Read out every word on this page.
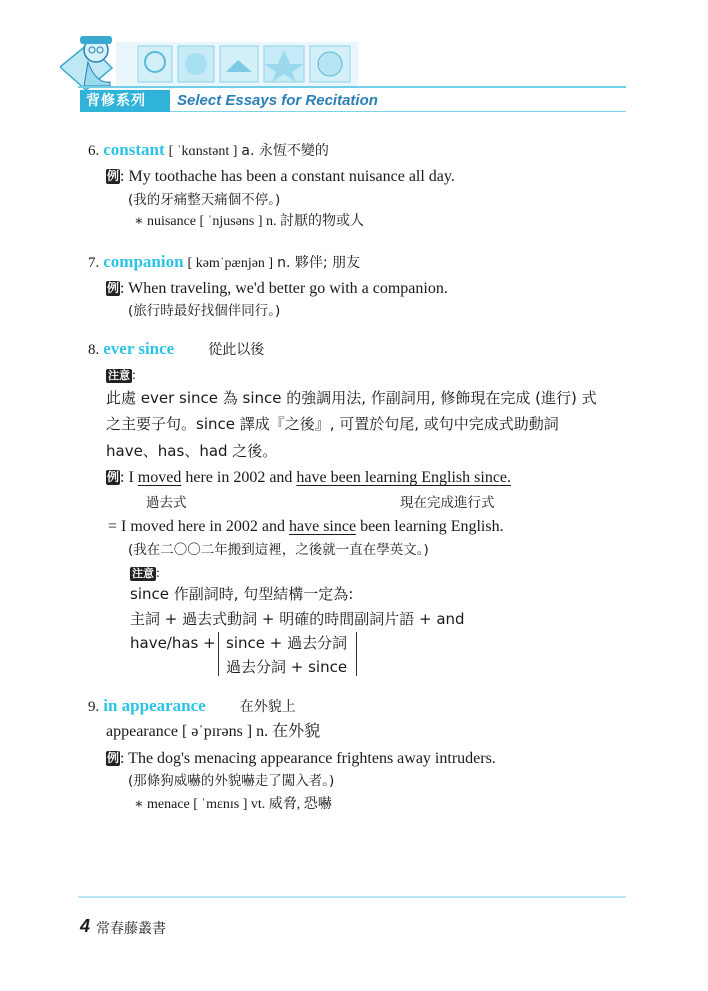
背修系列	Select Essays for Recitation
6. constant [ ˈkɑnstənt ] a. 永恆不變的
例: My toothache has been a constant nuisance all day.
(我的牙痛整天痛個不停。)
∗ nuisance [ ˈnjusəns ] n. 討厭的物或人
7. companion [ kəmˈpænjən ] n. 夥伴; 朋友
例: When traveling, we'd better go with a companion.
(旅行時最好找個伴同行。)
8. ever since 從此以後
注意 :
此處 ever since 為 since 的強調用法, 作副詞用, 修飾現在完成 (進行) 式
之主要子句。since 譯成『之後』, 可置於句尾, 或句中完成式助動詞
have、has、had 之後。
例: I moved here in 2002 and have been learning English since.
過去式	現在完成進行式
= I moved here in 2002 and have since been learning English.
(我在二〇〇二年搬到這裡，之後就一直在學英文。)
注意 :
since 作副詞時, 句型結構一定為:
主詞 + 過去式動詞 + 明確的時間副詞片語 + and
have/has + since + 過去分詞
過去分詞 + since
9. in appearance 在外貌上
appearance [ əˈpɪrəns ] n. 在外貌
例: The dog's menacing appearance frightens away intruders.
(那條狗威嚇的外貌嚇走了闖入者。)
∗ menace [ ˈmɛnɪs ] vt. 威脅, 恐嚇
4 常春藤叢書
